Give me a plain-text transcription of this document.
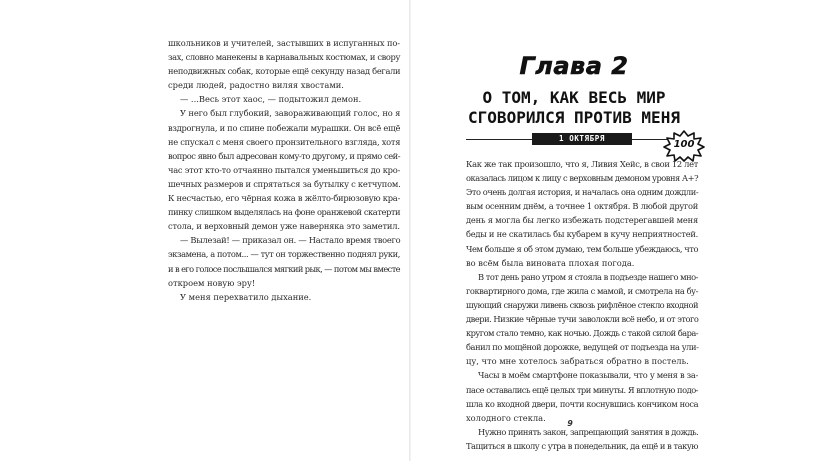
школьников и учителей, застывших в испуганных по-
зах, словно манекены в карнавальных костюмах, и свору
неподвижных собак, которые ещё секунду назад бегали
среди людей, радостно виляя хвостами.
— ...Весь этот хаос, — подытожил демон.
У него был глубокий, завораживающий голос, но я
вздрогнула, и по спине побежали мурашки. Он всё ещё
не спускал с меня своего пронзительного взгляда, хотя
вопрос явно был адресован кому-то другому, и прямо сей-
час этот кто-то отчаянно пытался уменьшиться до кро-
шечных размеров и спрятаться за бутылку с кетчупом.
К несчастью, его чёрная кожа в жёлто-бирюзовую кра-
пинку слишком выделялась на фоне оранжевой скатерти
стола, и верховный демон уже наверняка это заметил.
— Вылезай! — приказал он. — Настало время твоего
экзамена, а потом... — тут он торжественно поднял руки,
и в его голосе послышался мягкий рык, — потом мы вместе
откроем новую эру!
У меня перехватило дыхание.
Глава 2
О ТОМ, КАК ВЕСЬ МИР
СГОВОРИЛСЯ ПРОТИВ МЕНЯ
1 ОКТЯБРЯ
100
Как же так произошло, что я, Ливия Хейс, в свои 12 лет
оказалась лицом к лицу с верховным демоном уровня А+?
Это очень долгая история, и началась она одним дождли-
вым осенним днём, а точнее 1 октября. В любой другой
день я могла бы легко избежать подстерегавшей меня
беды и не скатилась бы кубарем в кучу неприятностей.
Чем больше я об этом думаю, тем больше убеждаюсь, что
во всём была виновата плохая погода.
В тот день рано утром я стояла в подъезде нашего мно-
гоквартирного дома, где жила с мамой, и смотрела на бу-
шующий снаружи ливень сквозь рифлёное стекло входной
двери. Низкие чёрные тучи заволокли всё небо, и от этого
кругом стало темно, как ночью. Дождь с такой силой бара-
банил по мощёной дорожке, ведущей от подъезда на ули-
цу, что мне хотелось забраться обратно в постель.
Часы в моём смартфоне показывали, что у меня в за-
пасе оставались ещё целых три минуты. Я вплотную подо-
шла ко входной двери, почти коснувшись кончиком носа
холодного стекла.
Нужно принять закон, запрещающий занятия в дождь.
Тащиться в школу с утра в понедельник, да ещё и в такую
9
